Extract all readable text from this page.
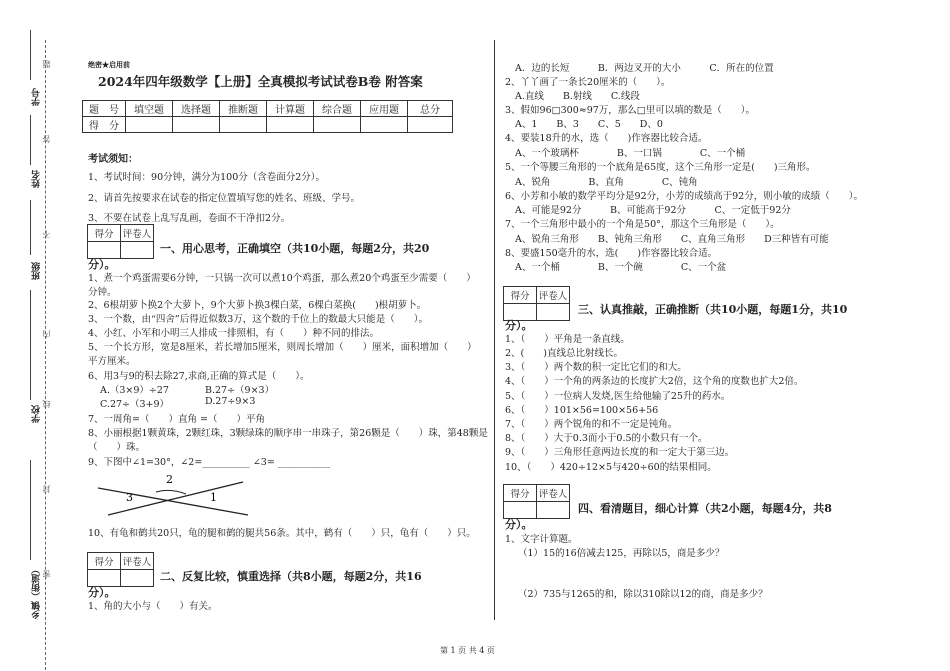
学号
姓名
班级
学校
乡镇（街道）
题
答
不
内
线
封
密
绝密★启用前
2024年四年级数学【上册】全真模拟考试试卷B卷 附答案
题　号	填空题	选择题	推断题	计算题	综合题	应用题	总分
得　分							
考试须知：
1、考试时间：90分钟，满分为100分（含卷面分2分）。
2、请首先按要求在试卷的指定位置填写您的姓名、班级、学号。
3、不要在试卷上乱写乱画，卷面不干净扣2分。
得分	评卷人

一、用心思考，正确填空（共10小题，每题2分，共20
分）。
1、煮一个鸡蛋需要6分钟，一只锅一次可以煮10个鸡蛋，那么煮20个鸡蛋至少需要（　　）
分钟。
2、6根胡萝卜换2个大萝卜，9个大萝卜换3棵白菜，6棵白菜换(　　)根胡萝卜。
3、一个数，由“四舍”后得近似数3万，这个数的千位上的数最大只能是（　　）。
4、小红、小军和小明三人排成一排照相，有（　　）种不同的排法。
5、一个长方形，宽是8厘米，若长增加5厘米，则周长增加（　　）厘米，面积增加（　　）
平方厘米。
6、用3与9的积去除27,求商,正确的算式是（　　）。
A.（3×9）÷27	B.27÷（9×3）
C.27÷（3+9）	D.27÷9×3
7、一周角=（　　）直角 =（　　）平角
8、小丽根据1颗黄珠，2颗红珠，3颗绿珠的顺序串一串珠子，第26颗是（　　）珠，第48颗是
（　　）珠。
9、下图中∠1=30°，∠2=__________ ∠3= ___________
2
3	1
10、有龟和鹤共20只，龟的腿和鹤的腿共56条。其中，鹤有（　　）只，龟有（　　）只。
得分	评卷人

二、反复比较，慎重选择（共8小题，每题2分，共16
分）。
1、角的大小与（　　）有关。
A．边的长短　　　B．两边叉开的大小　　　C．所在的位置
2、丫丫画了一条长20厘米的（　　）。
A.直线　　B.射线　　C.线段
3、假如96□300≈97万，那么□里可以填的数是（　　）。
A、1　　B、3　　C、5　　D、0
4、要装18升的水，选（　　)作容器比较合适。
A、一个玻璃杯　　　　B、一口锅　　　　C、一个桶
5、一个等腰三角形的一个底角是65度，这个三角形一定是(　　)三角形。
A、锐角　　　　B、直角　　　　C、钝角
6、小芳和小敏的数学平均分是92分，小芳的成绩高于92分，则小敏的成绩（　　）。
A、可能是92分　　　B、可能高于92分　　　C、一定低于92分
7、一个三角形中最小的一个角是50°，那这个三角形是（　　）。
A、锐角三角形　　B、钝角三角形　　C、直角三角形　　D三种皆有可能
8、要盛150毫升的水，选(　　)作容器比较合适。
A、一个桶　　　　B、一个碗　　　　C、一个盆
得分	评卷人

三、认真推敲，正确推断（共10小题，每题1分，共10
分）。
1、（　　）平角是一条直线。
2、(　　)直线总比射线长。
3、（　　）两个数的积一定比它们的和大。
4、（　　）一个角的两条边的长度扩大2倍，这个角的度数也扩大2倍。
5、（　　）一位病人发烧,医生给他输了25升的药水。
6、（　　）101×56=100×56+56
7、（　　）两个锐角的和不一定是钝角。
8、（　　）大于0.3而小于0.5的小数只有一个。
9、（　　）三角形任意两边长度的和一定大于第三边。
10、（　　）420÷12×5与420÷60的结果相同。
得分	评卷人

四、看清题目，细心计算（共2小题，每题4分，共8
分）。
1、文字计算题。
（1）15的16倍减去125，再除以5，商是多少？
（2）735与1265的和，除以310除以12的商，商是多少？
第 1 页 共 4 页
